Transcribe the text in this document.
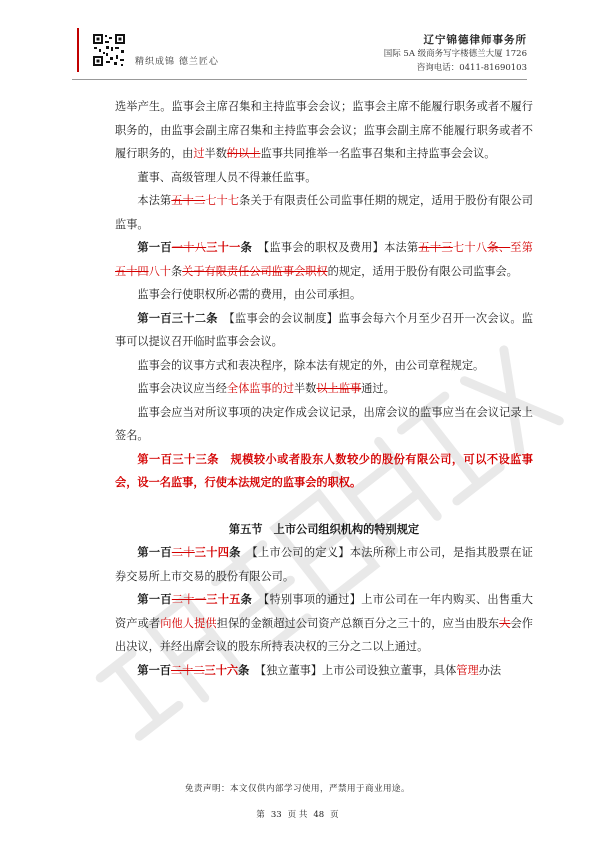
精织成锦 德兰匠心
辽宁锦德律师事务所
国际 5A 级商务写字楼德兰大厦 1726
咨询电话：0411-81690103

选举产生。监事会主席召集和主持监事会会议；监事会主席不能履行职务或者不履行职务的，由监事会副主席召集和主持监事会会议；监事会副主席不能履行职务或者不履行职务的，由过半数的以上监事共同推举一名监事召集和主持监事会会议。

董事、高级管理人员不得兼任监事。

本法第五十二七十七条关于有限责任公司监事任期的规定，适用于股份有限公司监事。

第一百一十八三十一条　【监事会的职权及费用】本法第五十三七十八条、至第五十四八十条关于有限责任公司监事会职权的规定，适用于股份有限公司监事会。

监事会行使职权所必需的费用，由公司承担。

第一百三十二条　【监事会的会议制度】监事会每六个月至少召开一次会议。监事可以提议召开临时监事会会议。

监事会的议事方式和表决程序，除本法有规定的外，由公司章程规定。

监事会决议应当经全体监事的过半数以上监事通过。

监事会应当对所议事项的决定作成会议记录，出席会议的监事应当在会议记录上签名。

第一百三十三条　规模较小或者股东人数较少的股份有限公司，可以不设监事会，设一名监事，行使本法规定的监事会的职权。

第五节　上市公司组织机构的特别规定

第一百二十三十四条　【上市公司的定义】本法所称上市公司，是指其股票在证券交易所上市交易的股份有限公司。

第一百二十一三十五条　【特别事项的通过】上市公司在一年内购买、出售重大资产或者向他人提供担保的金额超过公司资产总额百分之三十的，应当由股东大会作出决议，并经出席会议的股东所持表决权的三分之二以上通过。

第一百二十二三十六条　【独立董事】上市公司设独立董事，具体管理办法

免责声明：本文仅供内部学习使用，严禁用于商业用途。
第 33 页 共 48 页
